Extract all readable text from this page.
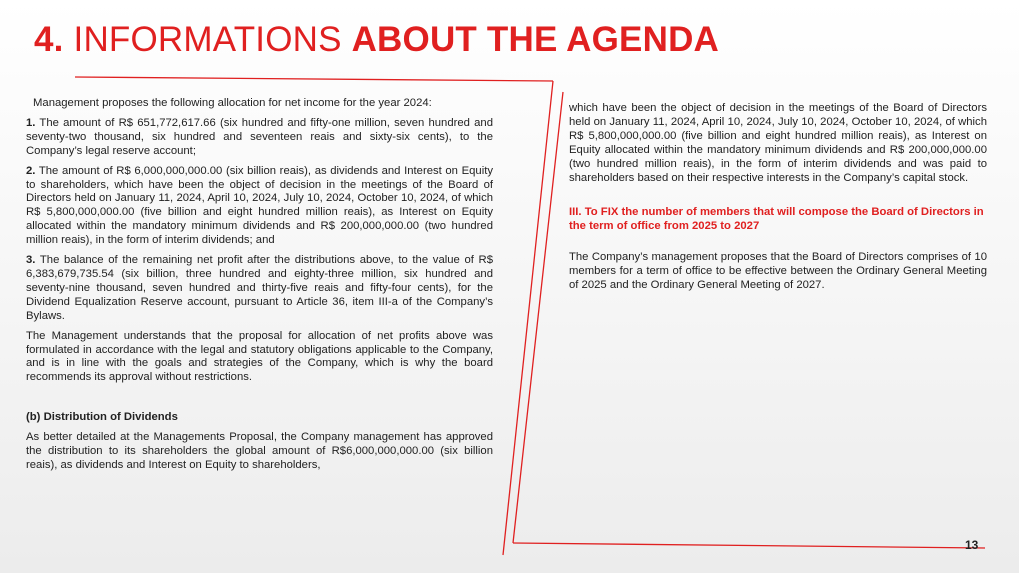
4. INFORMATIONS ABOUT THE AGENDA

Management proposes the following allocation for net income for the year 2024:

1. The amount of R$ 651,772,617.66 (six hundred and fifty-one million, seven hundred and seventy-two thousand, six hundred and seventeen reais and sixty-six cents), to the Company’s legal reserve account;

2. The amount of R$ 6,000,000,000.00 (six billion reais), as dividends and Interest on Equity to shareholders, which have been the object of decision in the meetings of the Board of Directors held on January 11, 2024, April 10, 2024, July 10, 2024, October 10, 2024, of which R$ 5,800,000,000.00 (five billion and eight hundred million reais), as Interest on Equity allocated within the mandatory minimum dividends and R$ 200,000,000.00 (two hundred million reais), in the form of interim dividends; and

3. The balance of the remaining net profit after the distributions above, to the value of R$ 6,383,679,735.54 (six billion, three hundred and eighty-three million, six hundred and seventy-nine thousand, seven hundred and thirty-five reais and fifty-four cents), for the Dividend Equalization Reserve account, pursuant to Article 36, item III-a of the Company’s Bylaws.

The Management understands that the proposal for allocation of net profits above was formulated in accordance with the legal and statutory obligations applicable to the Company, and is in line with the goals and strategies of the Company, which is why the board recommends its approval without restrictions.

(b) Distribution of Dividends

As better detailed at the Managements Proposal, the Company management has approved the distribution to its shareholders the global amount of R$6,000,000,000.00 (six billion reais), as dividends and Interest on Equity to shareholders,

which have been the object of decision in the meetings of the Board of Directors held on January 11, 2024, April 10, 2024, July 10, 2024, October 10, 2024, of which R$ 5,800,000,000.00 (five billion and eight hundred million reais), as Interest on Equity allocated within the mandatory minimum dividends and R$ 200,000,000.00 (two hundred million reais), in the form of interim dividends and was paid to shareholders based on their respective interests in the Company’s capital stock.

III. To FIX the number of members that will compose the Board of Directors in the term of office from 2025 to 2027

The Company’s management proposes that the Board of Directors comprises of 10 members for a term of office to be effective between the Ordinary General Meeting of 2025 and the Ordinary General Meeting of 2027.

13
